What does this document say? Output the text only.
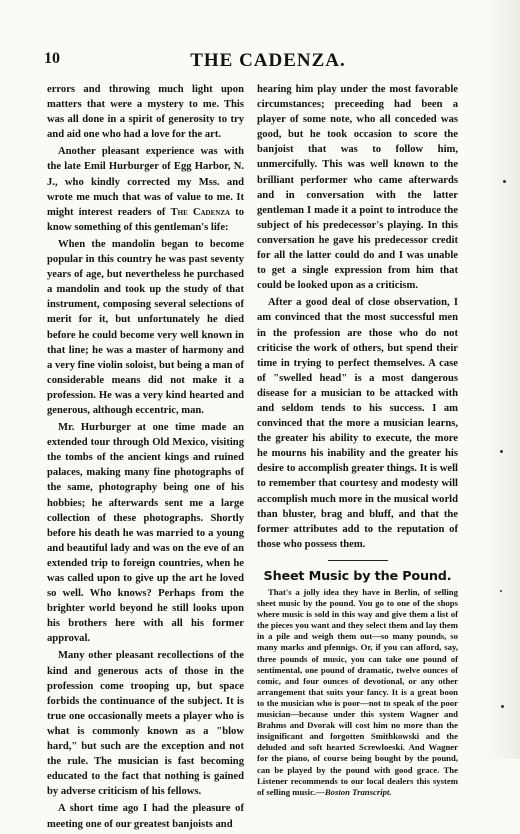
10	THE CADENZA.

errors and throwing much light upon matters that were a mystery to me. This was all done in a spirit of generosity to try and aid one who had a love for the art.

Another pleasant experience was with the late Emil Hurburger of Egg Harbor, N. J., who kindly corrected my Mss. and wrote me much that was of value to me. It might interest readers of The Cadenza to know something of this gentleman's life:

When the mandolin began to become popular in this country he was past seventy years of age, but nevertheless he purchased a mandolin and took up the study of that instrument, composing several selections of merit for it, but unfortunately he died before he could become very well known in that line; he was a master of harmony and a very fine violin soloist, but being a man of considerable means did not make it a profession. He was a very kind hearted and generous, although eccentric, man.

Mr. Hurburger at one time made an extended tour through Old Mexico, visiting the tombs of the ancient kings and ruined palaces, making many fine photographs of the same, photography being one of his hobbies; he afterwards sent me a large collection of these photographs. Shortly before his death he was married to a young and beautiful lady and was on the eve of an extended trip to foreign countries, when he was called upon to give up the art he loved so well. Who knows? Perhaps from the brighter world beyond he still looks upon his brothers here with all his former approval.

Many other pleasant recollections of the kind and generous acts of those in the profession come trooping up, but space forbids the continuance of the subject. It is true one occasionally meets a player who is what is commonly known as a "blow hard," but such are the exception and not the rule. The musician is fast becoming educated to the fact that nothing is gained by adverse criticism of his fellows.

A short time ago I had the pleasure of meeting one of our greatest banjoists and

hearing him play under the most favorable circumstances; preceeding had been a player of some note, who all conceded was good, but he took occasion to score the banjoist that was to follow him, unmercifully. This was well known to the brilliant performer who came afterwards and in conversation with the latter gentleman I made it a point to introduce the subject of his predecessor's playing. In this conversation he gave his predecessor credit for all the latter could do and I was unable to get a single expression from him that could be looked upon as a criticism.

After a good deal of close observation, I am convinced that the most successful men in the profession are those who do not criticise the work of others, but spend their time in trying to perfect themselves. A case of "swelled head" is a most dangerous disease for a musician to be attacked with and seldom tends to his success. I am convinced that the more a musician learns, the greater his ability to execute, the more he mourns his inability and the greater his desire to accomplish greater things. It is well to remember that courtesy and modesty will accomplish much more in the musical world than bluster, brag and bluff, and that the former attributes add to the reputation of those who possess them.

Sheet Music by the Pound.

That's a jolly idea they have in Berlin, of selling sheet music by the pound. You go to one of the shops where music is sold in this way and give them a list of the pieces you want and they select them and lay them in a pile and weigh them out—so many pounds, so many marks and pfennigs. Or, if you can afford, say, three pounds of music, you can take one pound of sentimental, one pound of dramatic, twelve ounces of comic, and four ounces of devotional, or any other arrangement that suits your fancy. It is a great boon to the musician who is poor—not to speak of the poor musician—because under this system Wagner and Brahms and Dvorak will cost him no more than the insignificant and forgotten Smithkowski and the deluded and soft hearted Screwloeski. And Wagner for the piano, of course being bought by the pound, can be played by the pound with good grace. The Listener recommends to our local dealers this system of selling music.—Boston Transcript.
